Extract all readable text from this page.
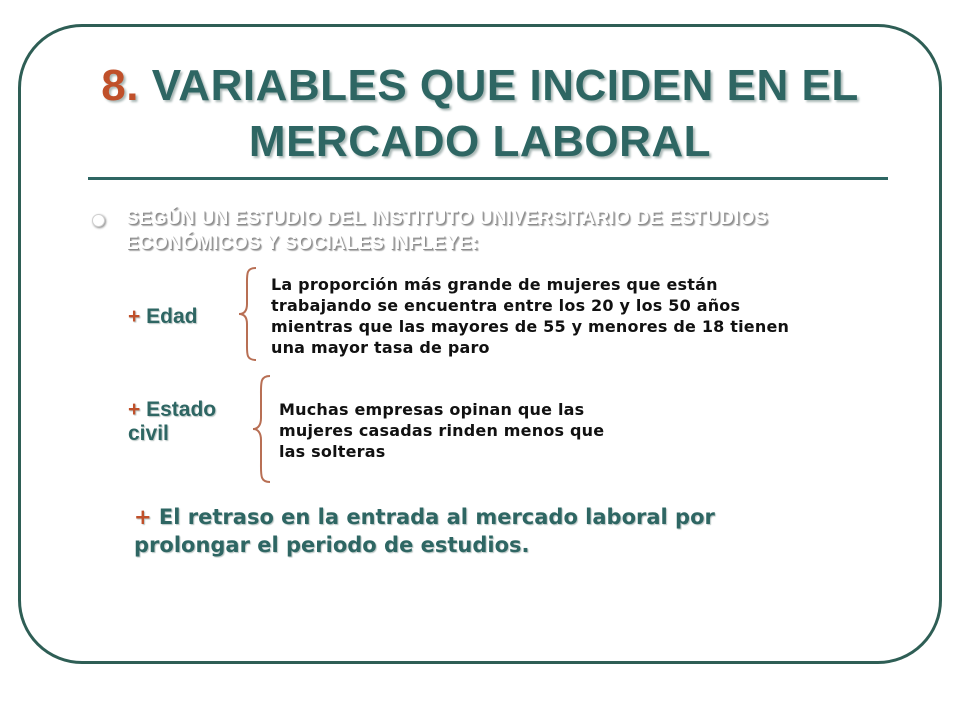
8. VARIABLES QUE INCIDEN EN EL MERCADO LABORAL
SEGÚN UN ESTUDIO DEL INSTITUTO UNIVERSITARIO DE ESTUDIOS ECONÓMICOS Y SOCIALES INFLEYE:
+ Edad
La proporción más grande de mujeres que están trabajando se encuentra entre los 20 y los 50 años mientras que las mayores de 55 y menores de 18 tienen una mayor tasa de paro
+ Estado civil
Muchas empresas opinan que las mujeres casadas rinden menos que las solteras
+ El retraso en la entrada al mercado laboral por prolongar el periodo de estudios.
